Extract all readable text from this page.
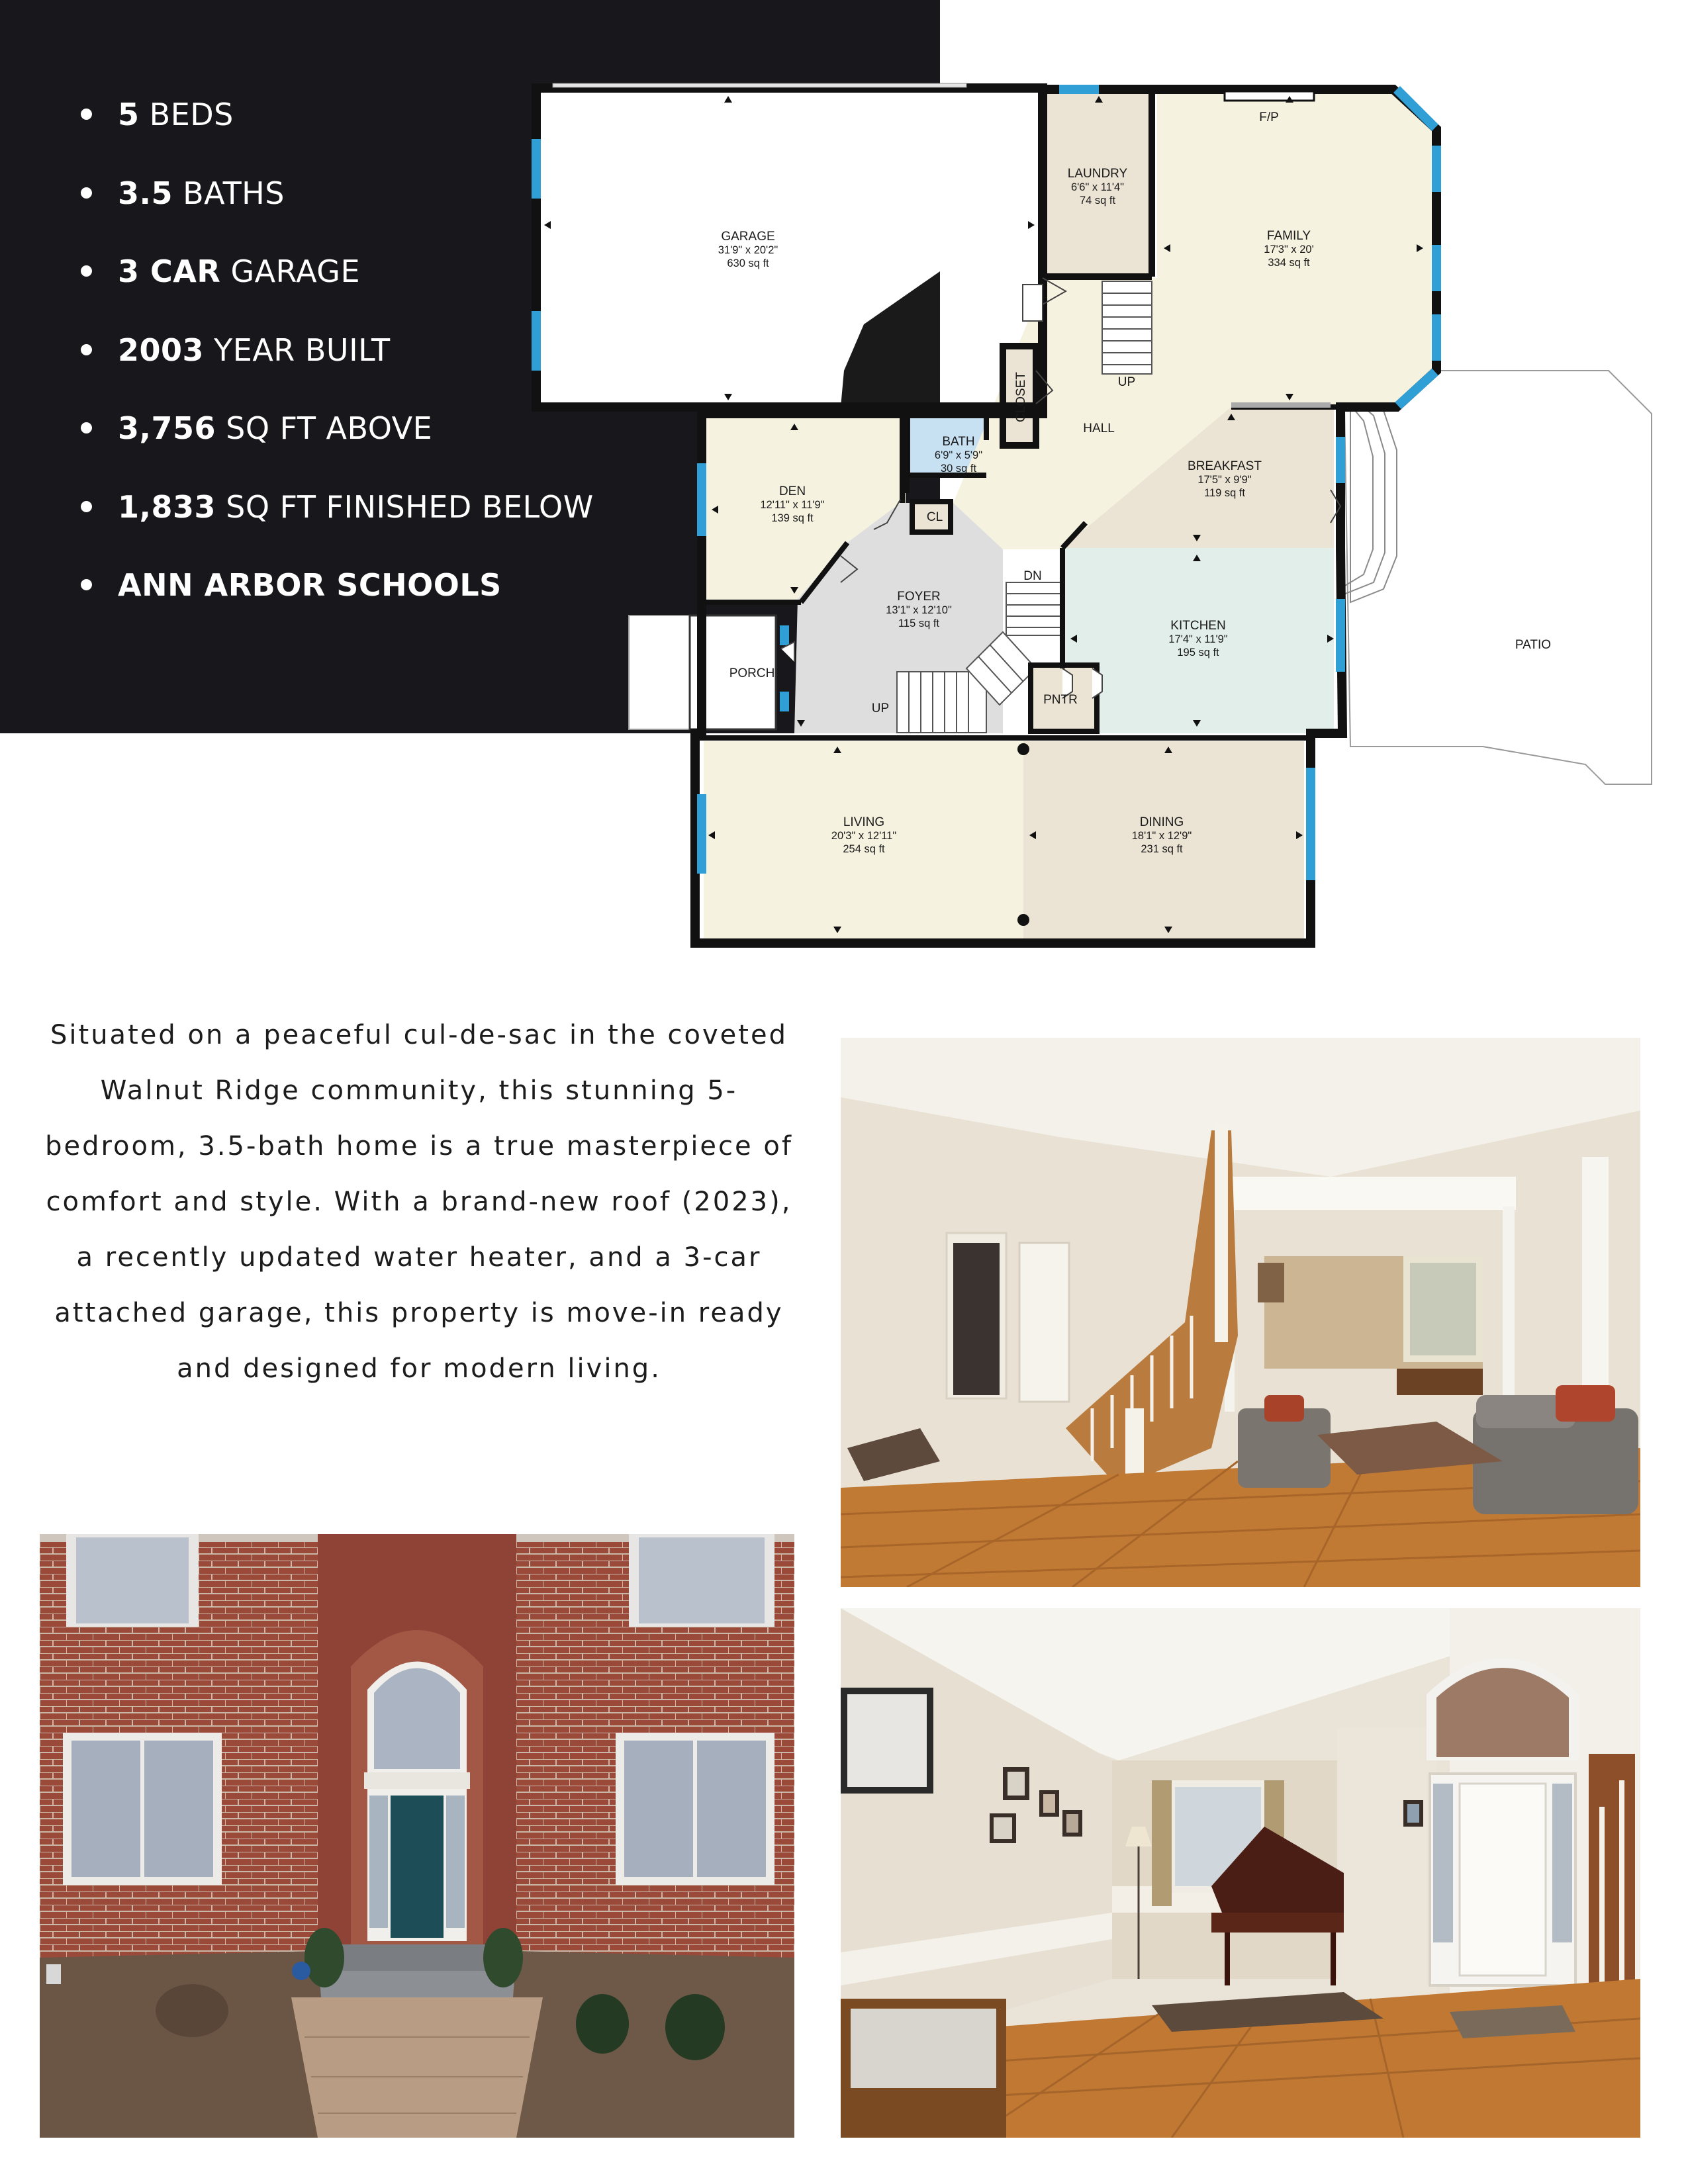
5 BEDS
3.5 BATHS
3 CAR GARAGE
2003 YEAR BUILT
3,756 SQ FT ABOVE
1,833 SQ FT FINISHED BELOW
ANN ARBOR SCHOOLS
PATIO
PORCH
GARAGE
31'9" x 20'2"
630 sq ft
LAUNDRY
6'6" x 11'4"
74 sq ft
F/P
FAMILY
17'3" x 20'
334 sq ft
UP
CLOSET
HALL
BATH
6'9" x 5'9"
30 sq ft
DEN
12'11" x 11'9"
139 sq ft	CL
BREAKFAST
17'5" x 9'9"
119 sq ft
DN
FOYER
13'1" x 12'10"
115 sq ft	KITCHEN
17'4" x 11'9"
195 sq ft
PNTR
UP
LIVING
20'3" x 12'11"
254 sq ft
DINING
18'1" x 12'9"
231 sq ft

Situated on a peaceful cul-de-sac in the coveted Walnut Ridge community, this stunning 5-bedroom, 3.5-bath home is a true masterpiece of comfort and style. With a brand-new roof (2023), a recently updated water heater, and a 3-car attached garage, this property is move-in ready and designed for modern living.
